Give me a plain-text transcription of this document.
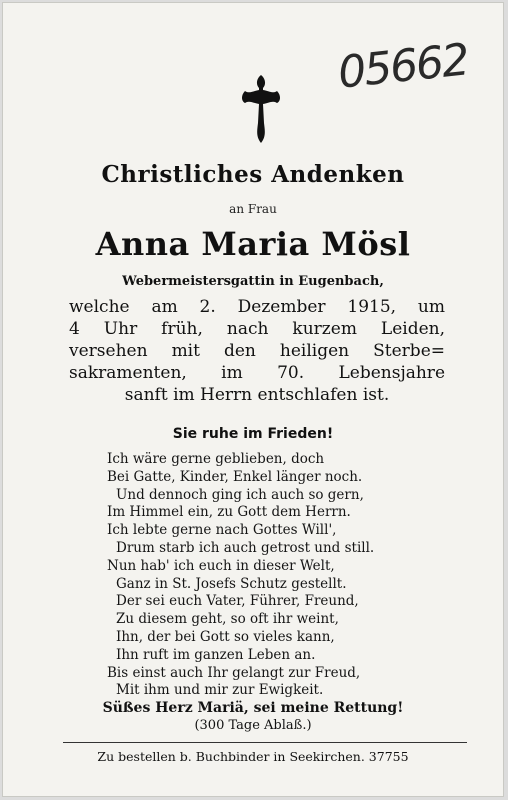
05662
Christliches Andenken
an Frau
Anna Maria Mösl
Webermeistersgattin in Eugenbach,
welche am 2. Dezember 1915, um
4 Uhr früh, nach kurzem Leiden,
versehen mit den heiligen Sterbe=
sakramenten, im 70. Lebensjahre
sanft im Herrn entschlafen ist.
Sie ruhe im Frieden!
Ich wäre gerne geblieben, doch
Bei Gatte, Kinder, Enkel länger noch.
Und dennoch ging ich auch so gern,
Im Himmel ein, zu Gott dem Herrn.
Ich lebte gerne nach Gottes Will',
Drum starb ich auch getrost und still.
Nun hab' ich euch in dieser Welt,
Ganz in St. Josefs Schutz gestellt.
Der sei euch Vater, Führer, Freund,
Zu diesem geht, so oft ihr weint,
Ihn, der bei Gott so vieles kann,
Ihn ruft im ganzen Leben an.
Bis einst auch Ihr gelangt zur Freud,
Mit ihm und mir zur Ewigkeit.
Süßes Herz Mariä, sei meine Rettung!
(300 Tage Ablaß.)
Zu bestellen b. Buchbinder in Seekirchen. 37755
